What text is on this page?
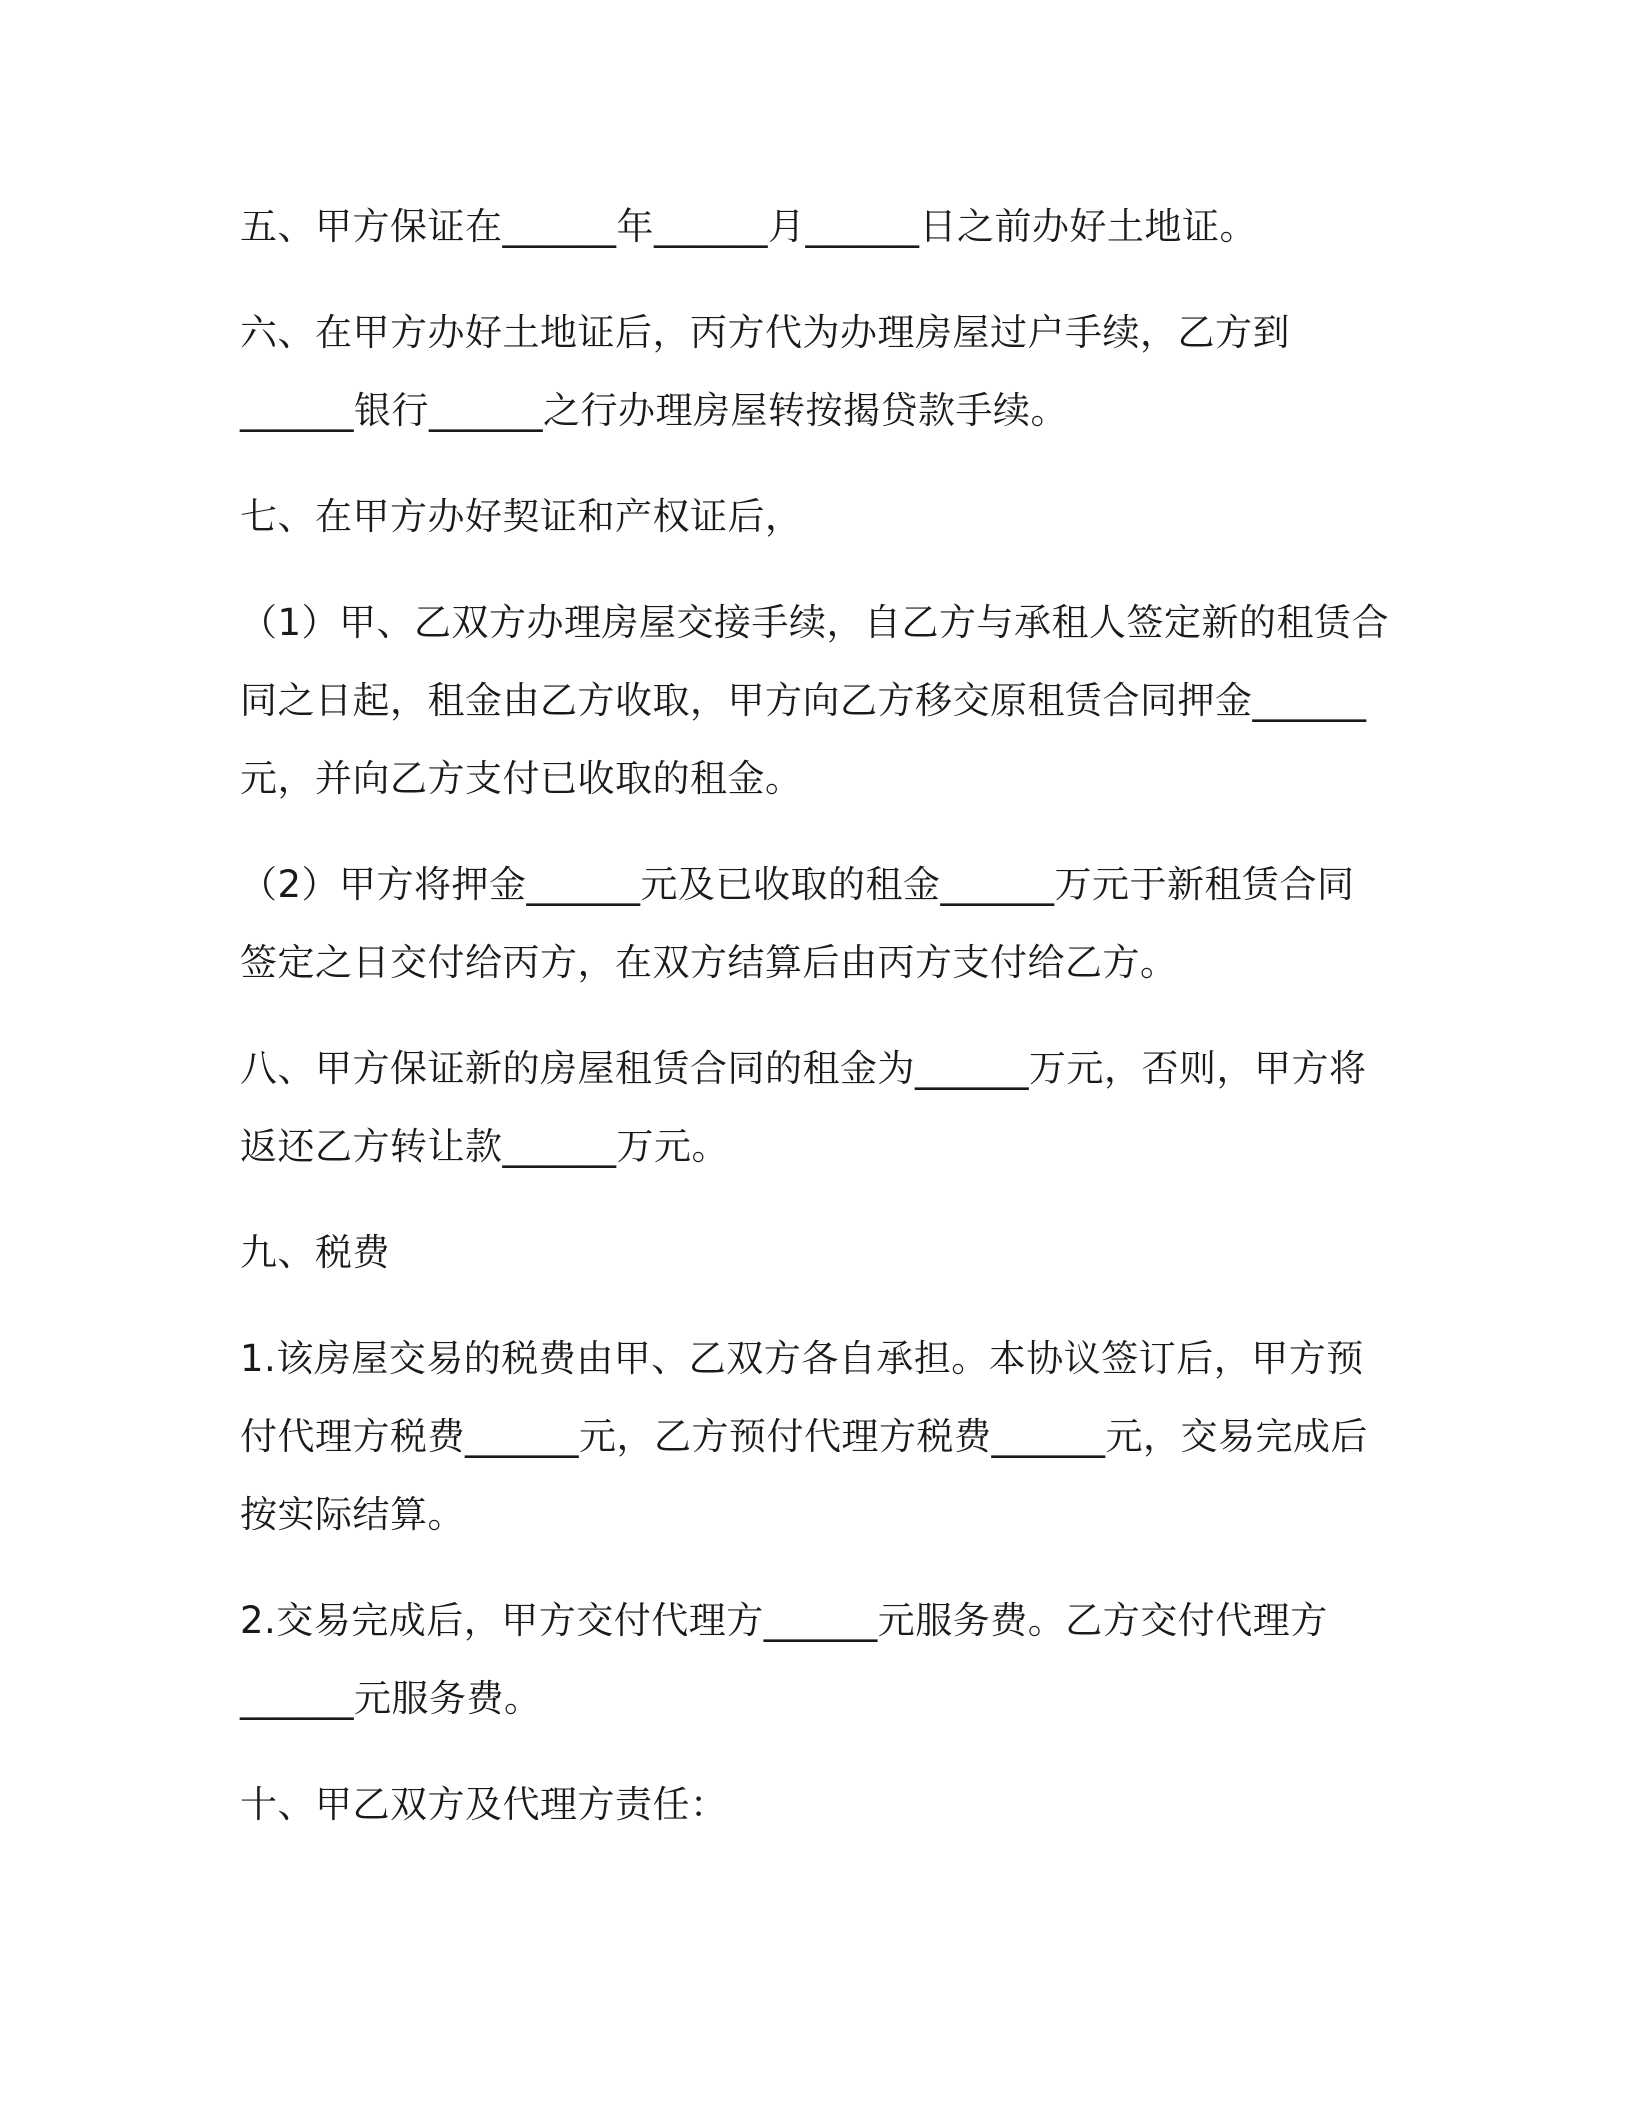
五、甲方保证在______年______月______日之前办好土地证。

六、在甲方办好土地证后，丙方代为办理房屋过户手续，乙方到
______银行______之行办理房屋转按揭贷款手续。

七、在甲方办好契证和产权证后，

（1）甲、乙双方办理房屋交接手续，自乙方与承租人签定新的租赁合
同之日起，租金由乙方收取，甲方向乙方移交原租赁合同押金______
元，并向乙方支付已收取的租金。

（2）甲方将押金______元及已收取的租金______万元于新租赁合同
签定之日交付给丙方，在双方结算后由丙方支付给乙方。

八、甲方保证新的房屋租赁合同的租金为______万元，否则，甲方将
返还乙方转让款______万元。

九、税费

1.该房屋交易的税费由甲、乙双方各自承担。本协议签订后，甲方预
付代理方税费______元，乙方预付代理方税费______元，交易完成后
按实际结算。

2.交易完成后，甲方交付代理方______元服务费。乙方交付代理方
______元服务费。

十、甲乙双方及代理方责任：
